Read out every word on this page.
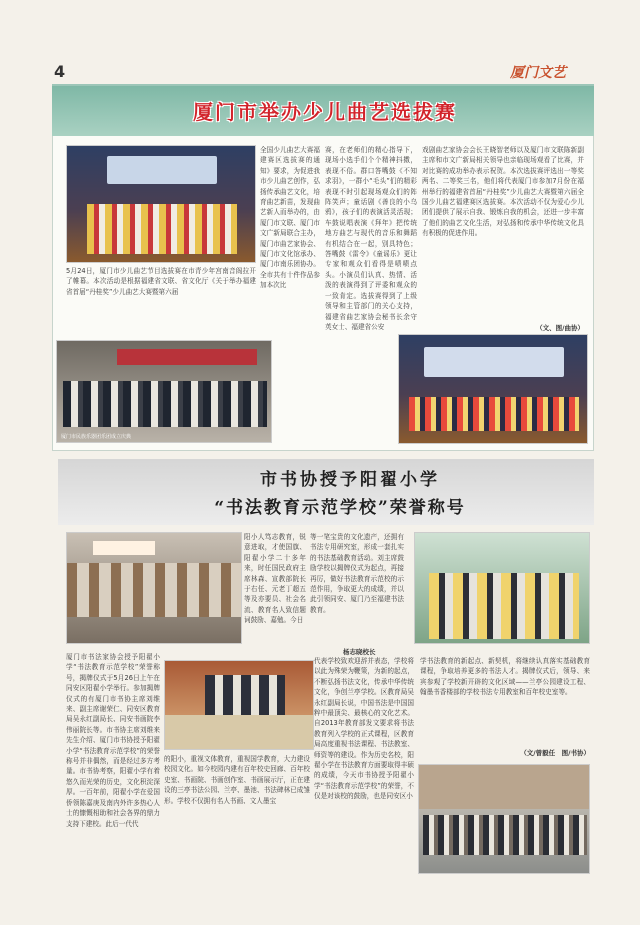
4	厦门文艺
厦门市举办少儿曲艺选拔赛
5月24日，厦门市少儿曲艺节目选拔赛在市青少年宫南音阁拉开了帷幕。本次活动是根据福建省文联、省文化厅《关于举办福建省首届“丹桂奖”少儿曲艺大赛暨第六届
全国少儿曲艺大赛福建赛区选拔赛的通知》要求，为促进我市少儿曲艺创作，弘扬传承曲艺文化，培育曲艺新苗，发现曲艺新人而举办的，由厦门市文联、厦门市文广新局联合主办，厦门市曲艺家协会、厦门市文化馆承办、厦门市南乐团协办。全市共有十件作品参加本次比
赛，在老师们的精心指导下，现场小选手们个个精神抖擞，表现不俗。群口答嘴鼓《不知求羽》，一群小“毛头”们的精彩表现不时引起现场观众们的阵阵笑声；童话剧《善良的小乌鸦》，孩子们的表演活灵活现；车鼓说唱表演《拜年》把传统地方曲艺与现代的音乐和舞蹈有机结合在一起，别具特色；答嘴鼓《雷令》《童谣乐》更让专家和观众们看得是啧啧点头。小演员们认真、热情、活泼的表演得到了评委和观众的一致肯定。选拔赛得到了上级领导和主管部门的关心支持，福建省曲艺家协会秘书长余守英女士、福建省公安
戏剧曲艺家协会会长王晓智老师以及厦门市文联陈新副主席和市文广新局相关领导也亲临现场观看了比赛，并对比赛的成功举办表示祝贺。本次选拔赛评选出一等奖两名、二等奖三名，他们将代表厦门市参加7月份在福州举行的福建省首届“丹桂奖”少儿曲艺大赛暨第六届全国少儿曲艺福建赛区选拔赛。本次活动不仅为爱心少儿团们提供了展示自我、锻炼自我的机会，还进一步丰富了他们的曲艺文化生活，对弘扬和传承中华传统文化具有积极的促进作用。
（文、图/曲协）
厦门市民族乐器团乐团成立庆典
市书协授予阳翟小学
“书法教育示范学校”荣誉称号
阳小人笃志教育，锐意进取，才使国旗、阳翟小学二十多年来，时任国民政府主席林森、宣教部院长于右任、元老丁超五等及亦要员、社会名流、教育名人致信题词鼓励、嘉勉。今日
等一笔宝贵的文化遗产，还拥有书法专用研究室，形成一套扎实的书法基础教育活动。刘主席鼓励学校以揭牌仪式为起点，再接再厉，做好书法教育示范校的示范作用，争取更大的成绩，并以此引领同安、厦门乃至福建书法教育。
杨志晓校长
厦门市书法家协会授予阳翟小学“书法教育示范学校”荣誉称号，揭牌仪式于5月26日上午在同安区阳翟小学举行。参加揭牌仪式的有厦门市书协主席刘维来、副主席谢荣仁、同安区教育局吴永红副局长、同安书画院李伟丽院长等。市书协主席刘维来先生介绍、厦门市书协授予阳翟小学“书法教育示范学校”的荣誉称号并非偶然，而是经过多方考量。市书协考察，阳翟小学有着悠久而光荣的历史，文化积淀深厚。一百年前，阳翟小学在爱国侨领陈嘉庚及南内外许多热心人士的慷慨相助和社会各界的鼎力支持下建校。此后一代代
的阳小，重视文体教育，重视国学教育，大力建设校园文化。如今校园内建有百年校史回廊、百年校史室、书画院、书画创作室、书画展示厅，正在建设的三亭书法公园、兰亭、墨池、书法碑林已成雏形。学校不仅拥有名人书画、文人墨宝
代表学校致欢迎辞并表态，学校将以此为殊荣为鞭策，为新的起点，不断弘扬书法文化，传承中华传统文化，争创兰亭学校。区教育局吴永红副局长说，中国书法是中国国粹中最顶尖、最核心的文化艺术。自2013年教育部发文要求将书法教育列入学校的正式课程，区教育局高度重视书法课程、书法教室、师资等的建设。作为历史名校，阳翟小学在书法教育方面要取得丰硕的成绩，今天市书协授予阳翟小学“书法教育示范学校”的荣誉，不仅是对该校的鼓励，也是同安区小
学书法教育的新起点、新契机，将继续认真落实基础教育课程，争取培养更多的书法人才。揭牌仪式后，领导、来宾参观了学校新开辟的文化区域——兰亭公园建设工程、翰墨书香楼部的学校书法专用教室和百年校史室等。
（文/曾毅任　图/书协）
